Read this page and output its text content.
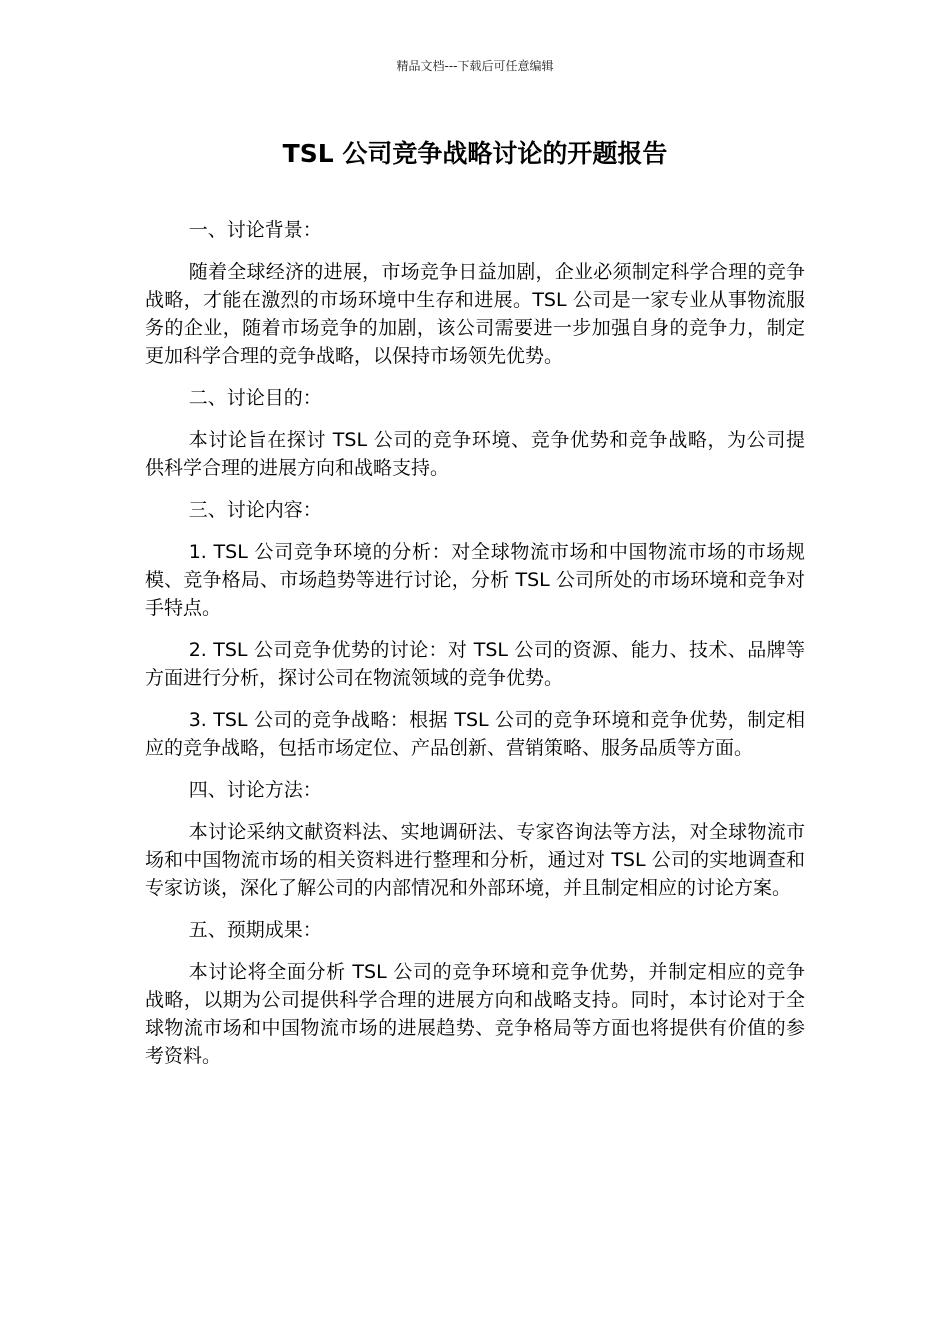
精品文档---下载后可任意编辑
TSL 公司竞争战略讨论的开题报告
一、讨论背景：

随着全球经济的进展，市场竞争日益加剧，企业必须制定科学合理的竞争战略，才能在激烈的市场环境中生存和进展。TSL 公司是一家专业从事物流服务的企业，随着市场竞争的加剧，该公司需要进一步加强自身的竞争力，制定更加科学合理的竞争战略，以保持市场领先优势。

二、讨论目的：

本讨论旨在探讨 TSL 公司的竞争环境、竞争优势和竞争战略，为公司提供科学合理的进展方向和战略支持。

三、讨论内容：

1. TSL 公司竞争环境的分析：对全球物流市场和中国物流市场的市场规模、竞争格局、市场趋势等进行讨论，分析 TSL 公司所处的市场环境和竞争对手特点。

2. TSL 公司竞争优势的讨论：对 TSL 公司的资源、能力、技术、品牌等方面进行分析，探讨公司在物流领域的竞争优势。

3. TSL 公司的竞争战略：根据 TSL 公司的竞争环境和竞争优势，制定相应的竞争战略，包括市场定位、产品创新、营销策略、服务品质等方面。

四、讨论方法：

本讨论采纳文献资料法、实地调研法、专家咨询法等方法，对全球物流市场和中国物流市场的相关资料进行整理和分析，通过对 TSL 公司的实地调查和专家访谈，深化了解公司的内部情况和外部环境，并且制定相应的讨论方案。

五、预期成果：

本讨论将全面分析 TSL 公司的竞争环境和竞争优势，并制定相应的竞争战略，以期为公司提供科学合理的进展方向和战略支持。同时，本讨论对于全球物流市场和中国物流市场的进展趋势、竞争格局等方面也将提供有价值的参考资料。
